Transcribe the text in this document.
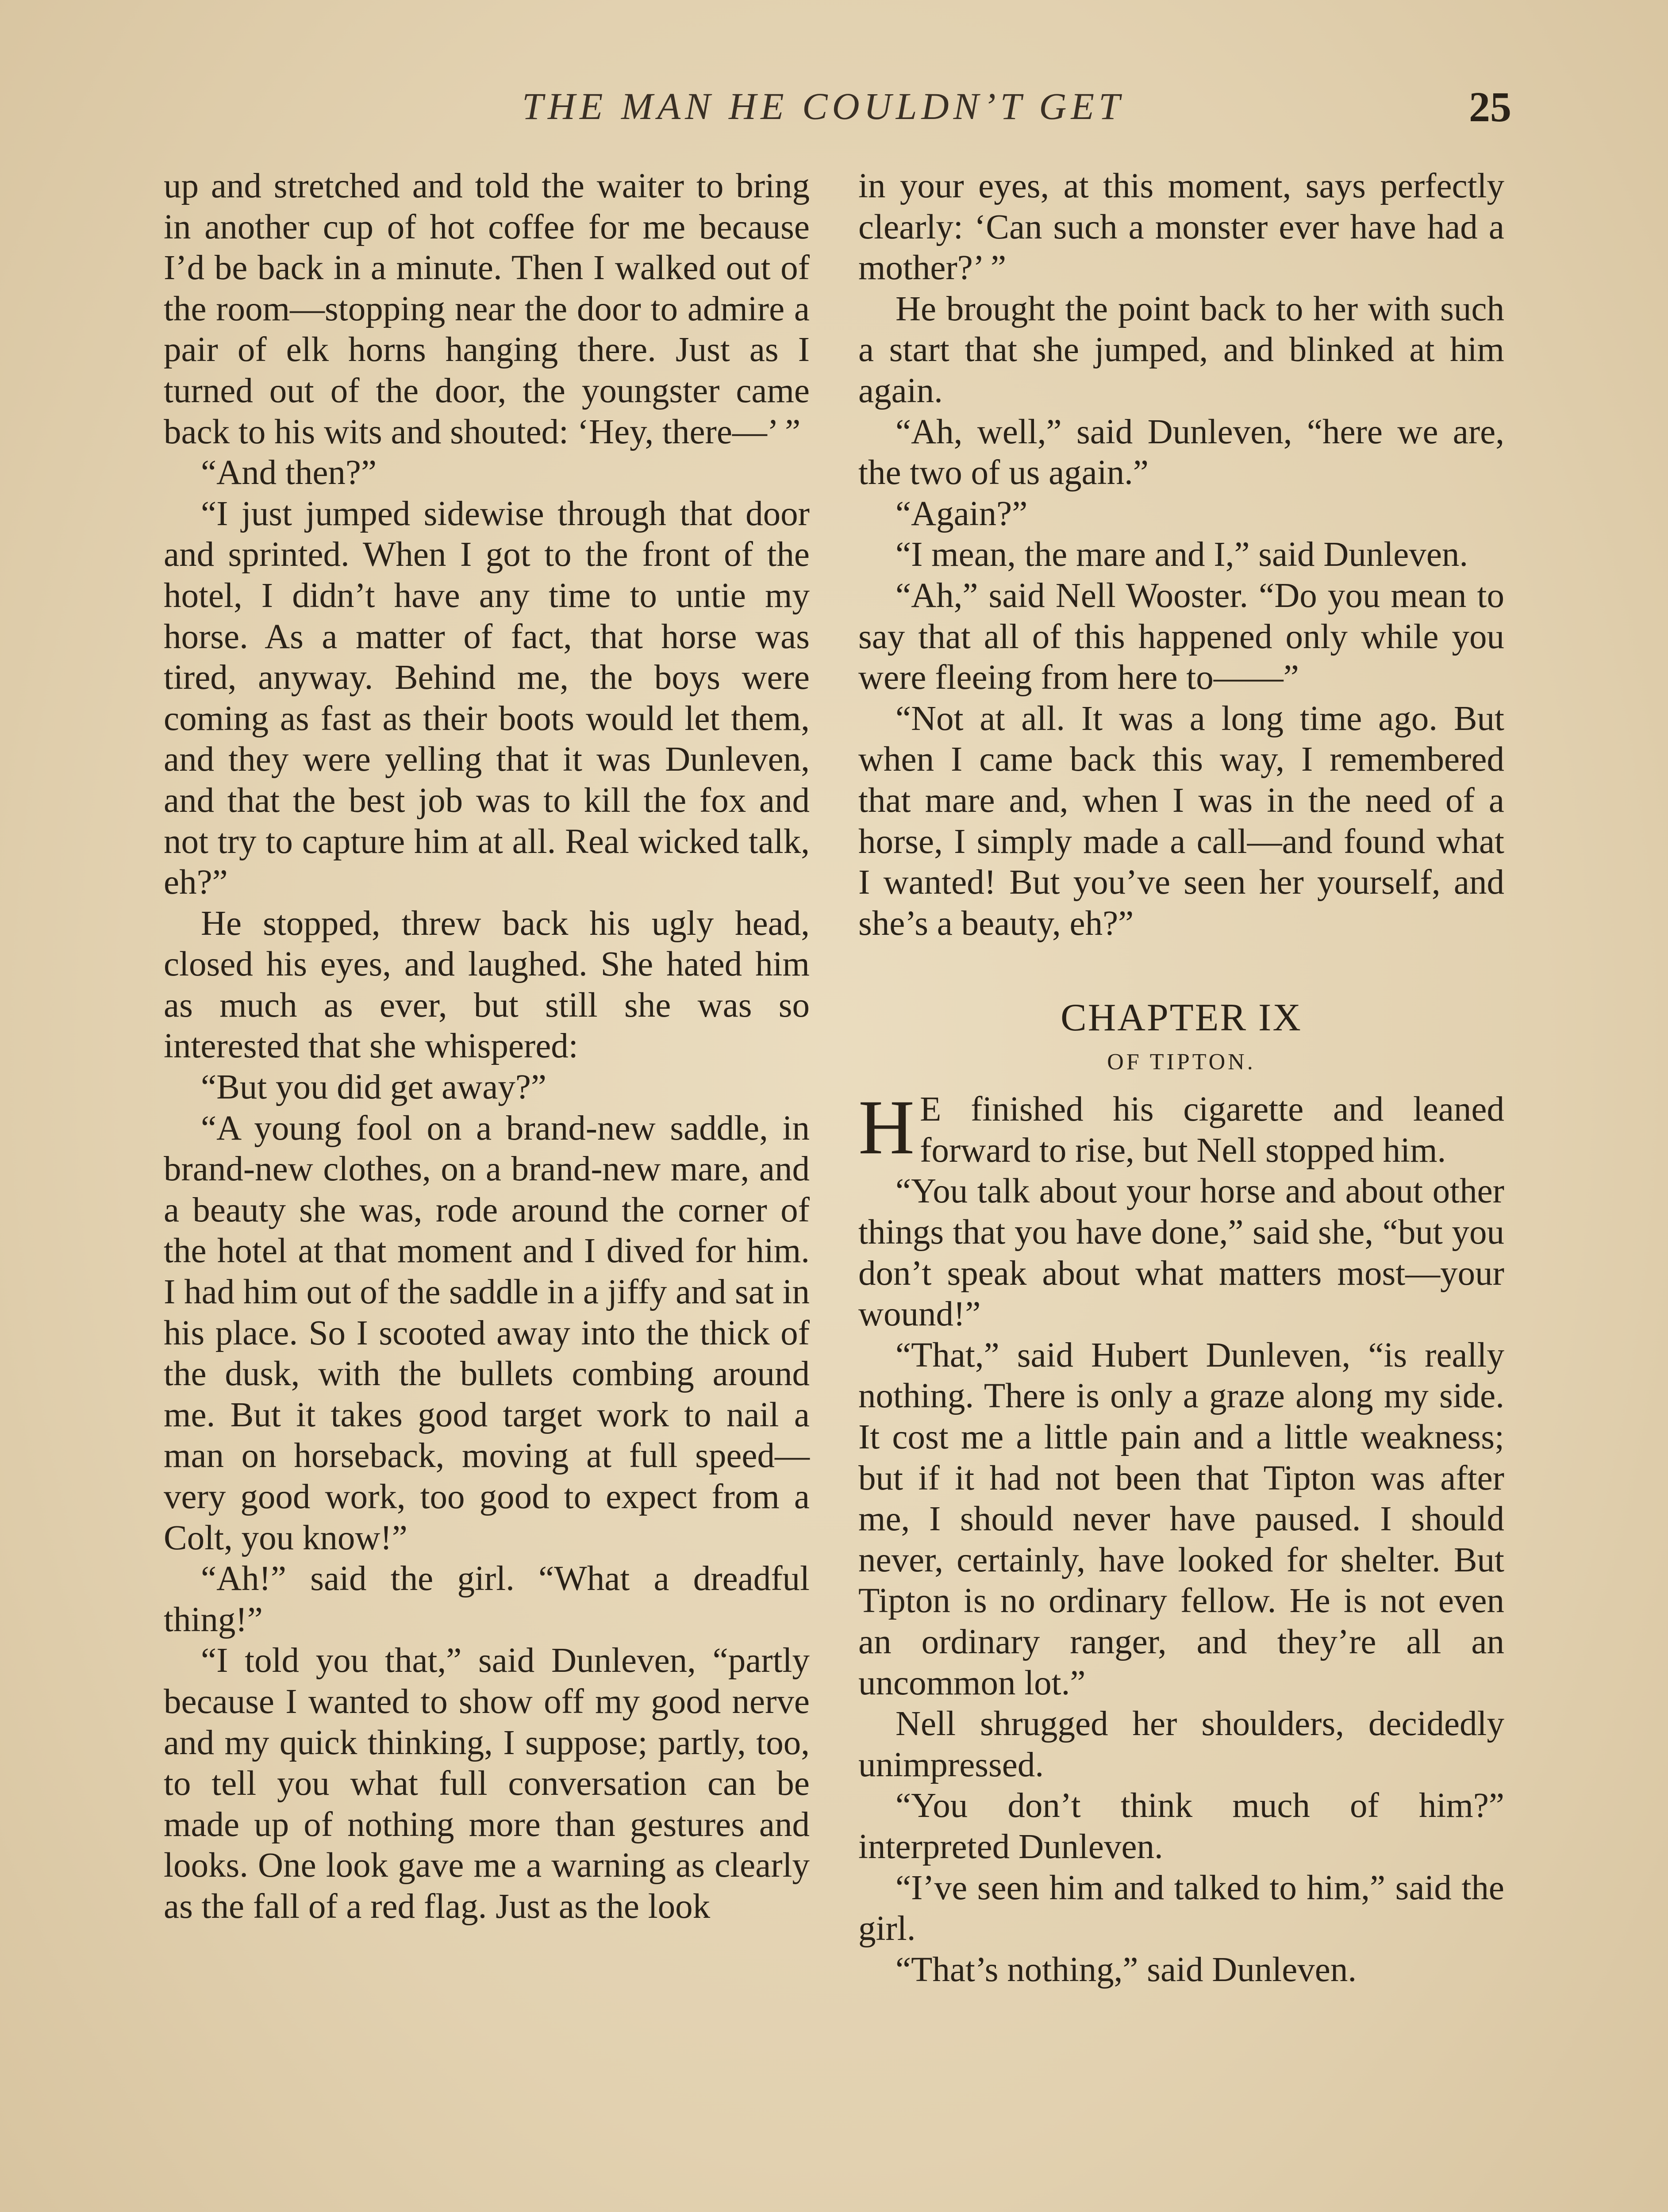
THE MAN HE COULDN’T GET	25

up and stretched and told the waiter to bring in another cup of hot coffee for me because I’d be back in a minute. Then I walked out of the room—stopping near the door to admire a pair of elk horns hanging there. Just as I turned out of the door, the youngster came back to his wits and shouted: ‘Hey, there—’ ”

“And then?”

“I just jumped sidewise through that door and sprinted. When I got to the front of the hotel, I didn’t have any time to untie my horse. As a matter of fact, that horse was tired, anyway. Behind me, the boys were coming as fast as their boots would let them, and they were yelling that it was Dunleven, and that the best job was to kill the fox and not try to capture him at all. Real wicked talk, eh?”

He stopped, threw back his ugly head, closed his eyes, and laughed. She hated him as much as ever, but still she was so interested that she whispered:

“But you did get away?”

“A young fool on a brand-new saddle, in brand-new clothes, on a brand-new mare, and a beauty she was, rode around the corner of the hotel at that moment and I dived for him. I had him out of the saddle in a jiffy and sat in his place. So I scooted away into the thick of the dusk, with the bullets combing around me. But it takes good target work to nail a man on horseback, moving at full speed—very good work, too good to expect from a Colt, you know!”

“Ah!” said the girl. “What a dreadful thing!”

“I told you that,” said Dunleven, “partly because I wanted to show off my good nerve and my quick thinking, I suppose; partly, too, to tell you what full conversation can be made up of nothing more than gestures and looks. One look gave me a warning as clearly as the fall of a red flag. Just as the look

in your eyes, at this moment, says perfectly clearly: ‘Can such a monster ever have had a mother?’ ”

He brought the point back to her with such a start that she jumped, and blinked at him again.

“Ah, well,” said Dunleven, “here we are, the two of us again.”

“Again?”

“I mean, the mare and I,” said Dunleven.

“Ah,” said Nell Wooster. “Do you mean to say that all of this happened only while you were fleeing from here to——”

“Not at all. It was a long time ago. But when I came back this way, I remembered that mare and, when I was in the need of a horse, I simply made a call—and found what I wanted! But you’ve seen her yourself, and she’s a beauty, eh?”

CHAPTER IX
OF TIPTON.

H E finished his cigarette and leaned forward to rise, but Nell stopped him.

“You talk about your horse and about other things that you have done,” said she, “but you don’t speak about what matters most—your wound!”

“That,” said Hubert Dunleven, “is really nothing. There is only a graze along my side. It cost me a little pain and a little weakness; but if it had not been that Tipton was after me, I should never have paused. I should never, certainly, have looked for shelter. But Tipton is no ordinary fellow. He is not even an ordinary ranger, and they’re all an uncommon lot.”

Nell shrugged her shoulders, decidedly unimpressed.

“You don’t think much of him?” interpreted Dunleven.

“I’ve seen him and talked to him,” said the girl.

“That’s nothing,” said Dunleven.
